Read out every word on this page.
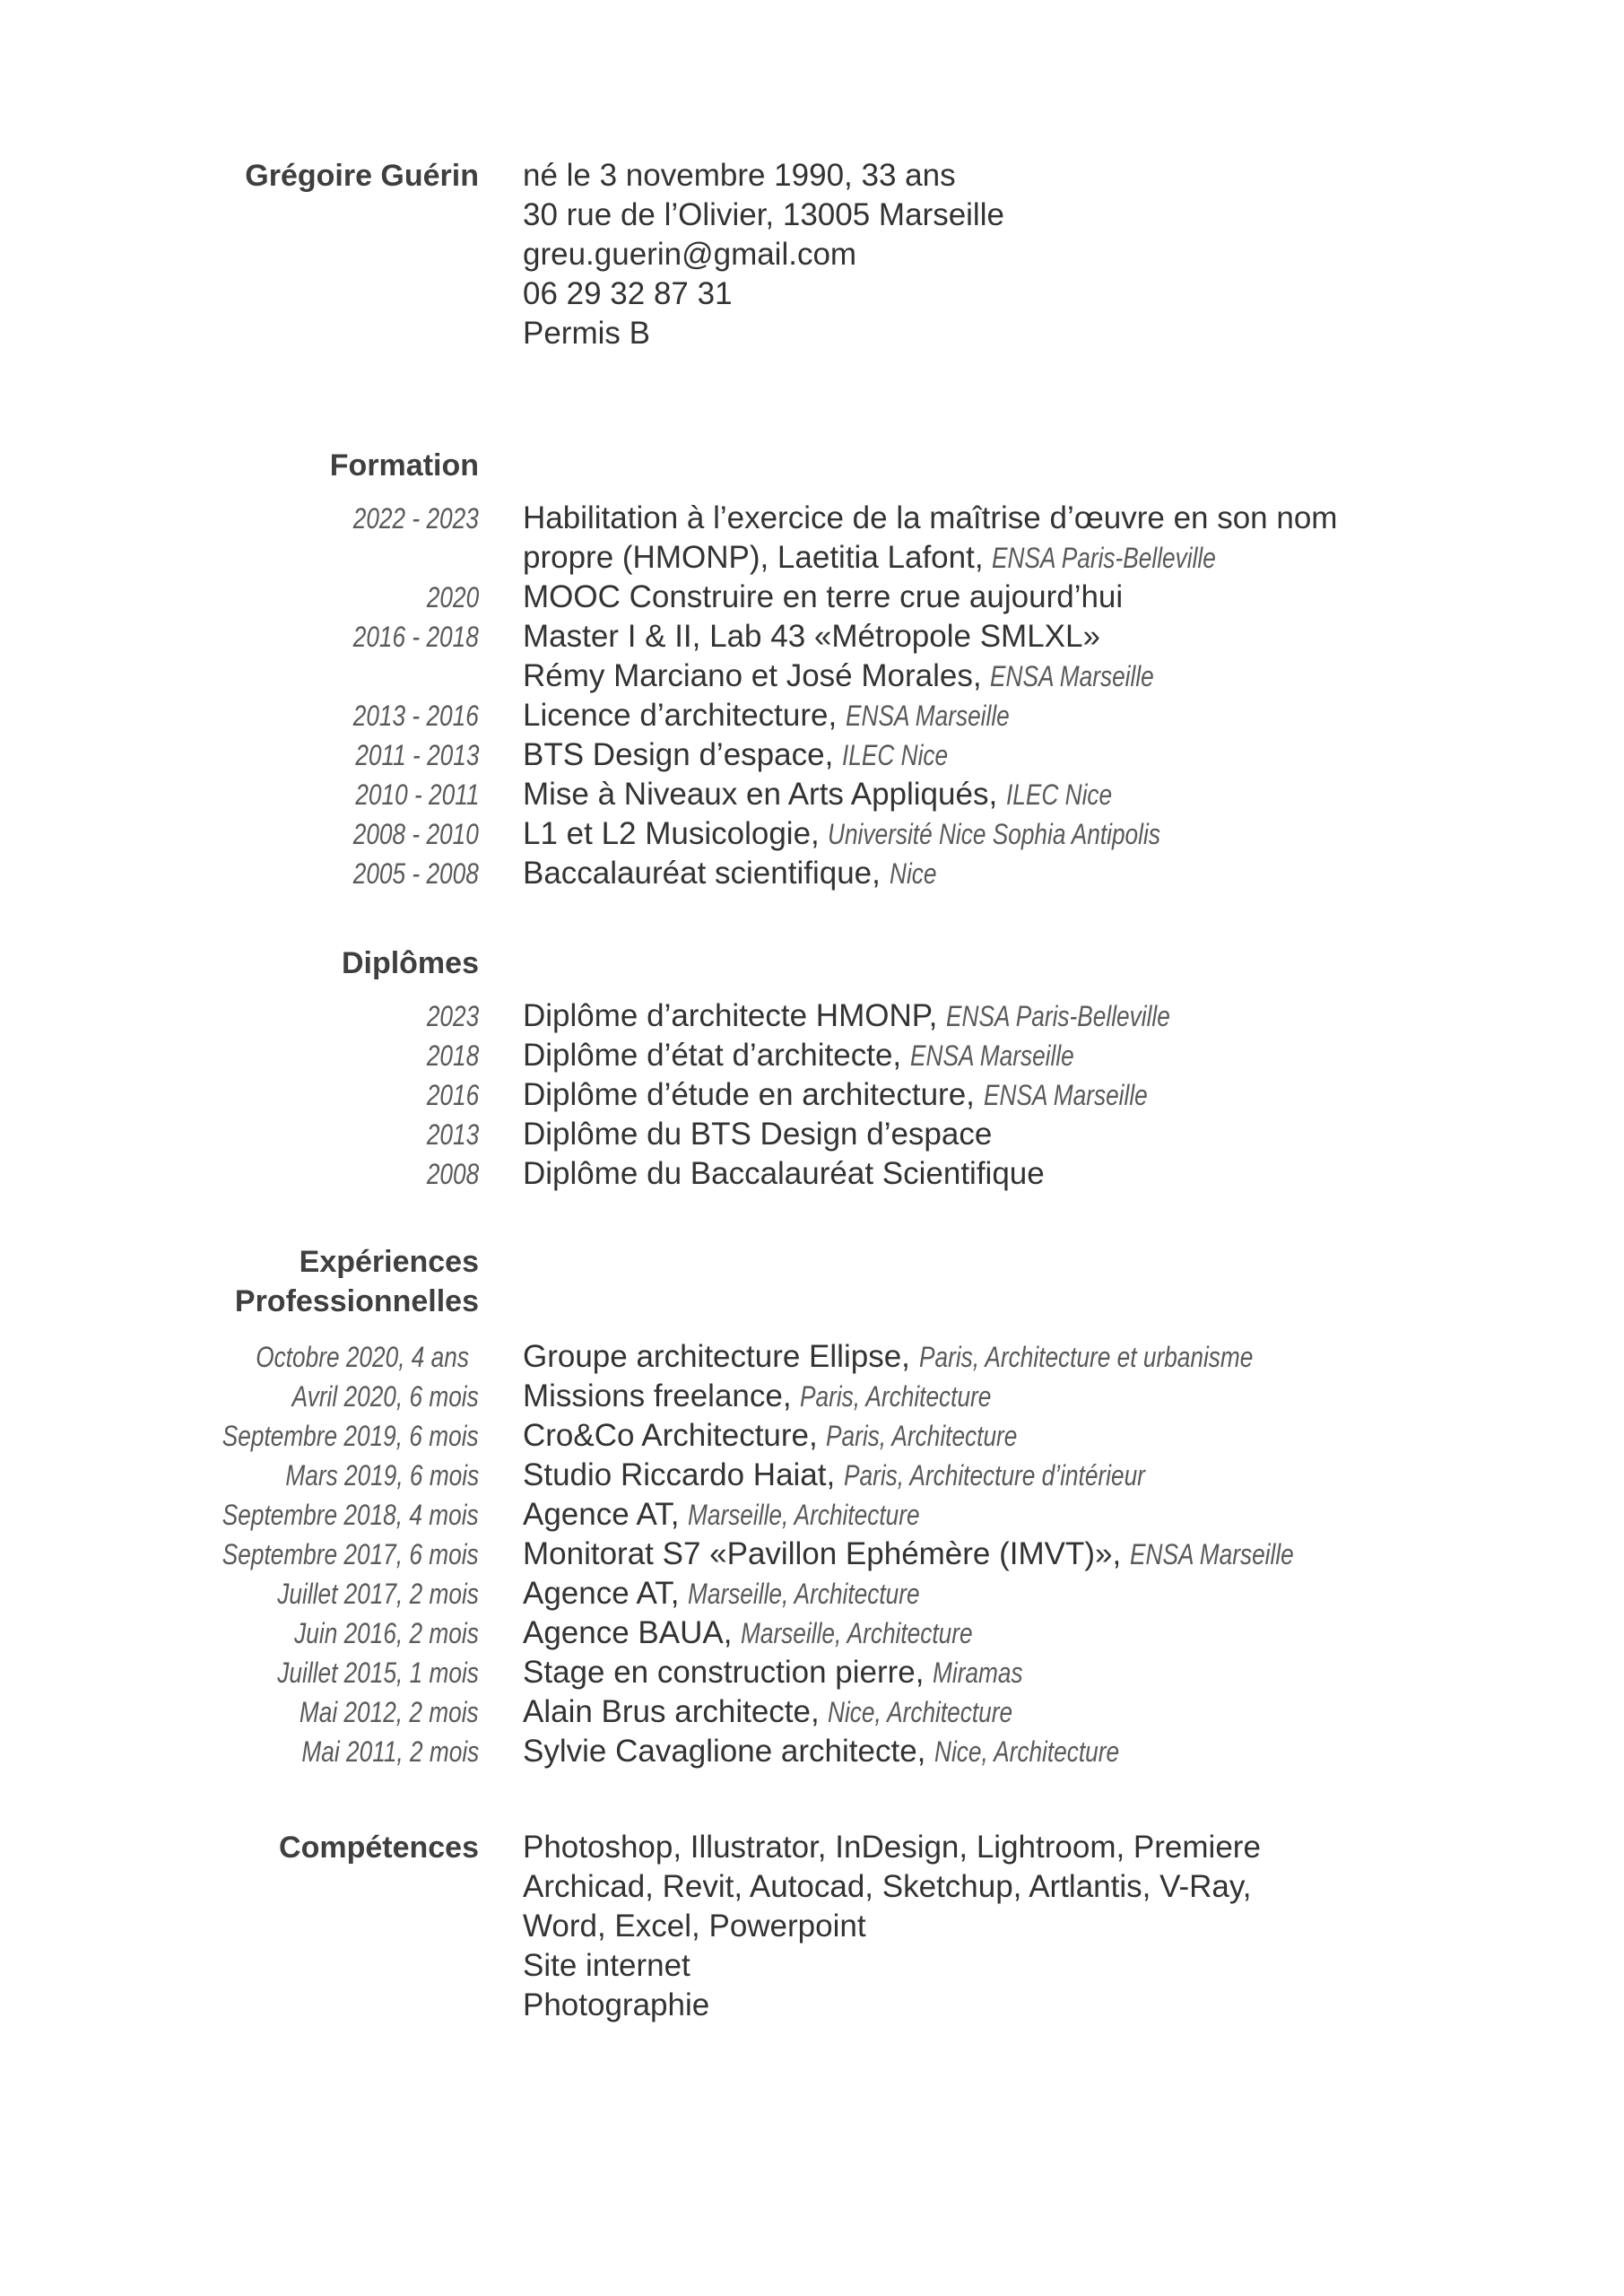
Grégoire Guérin né le 3 novembre 1990, 33 ans
30 rue de l’Olivier, 13005 Marseille
greu.guerin@gmail.com
06 29 32 87 31
Permis B
Formation
2022 - 2023 Habilitation à l’exercice de la maîtrise d’œuvre en son nom
propre (HMONP), Laetitia Lafont, ENSA Paris-Belleville
2020 MOOC Construire en terre crue aujourd’hui
2016 - 2018 Master I & II, Lab 43 «Métropole SMLXL»
Rémy Marciano et José Morales, ENSA Marseille
2013 - 2016 Licence d’architecture, ENSA Marseille
2011 - 2013 BTS Design d’espace, ILEC Nice
2010 - 2011 Mise à Niveaux en Arts Appliqués, ILEC Nice
2008 - 2010 L1 et L2 Musicologie, Université Nice Sophia Antipolis
2005 - 2008 Baccalauréat scientifique, Nice
Diplômes
2023 Diplôme d’architecte HMONP, ENSA Paris-Belleville
2018 Diplôme d’état d’architecte, ENSA Marseille
2016 Diplôme d’étude en architecture, ENSA Marseille
2013 Diplôme du BTS Design d’espace
2008 Diplôme du Baccalauréat Scientifique
Expériences
Professionnelles
Octobre 2020, 4 ans Groupe architecture Ellipse, Paris, Architecture et urbanisme
Avril 2020, 6 mois Missions freelance, Paris, Architecture
Septembre 2019, 6 mois Cro&Co Architecture, Paris, Architecture
Mars 2019, 6 mois Studio Riccardo Haiat, Paris, Architecture d’intérieur
Septembre 2018, 4 mois Agence AT, Marseille, Architecture
Septembre 2017, 6 mois Monitorat S7 «Pavillon Ephémère (IMVT)», ENSA Marseille
Juillet 2017, 2 mois Agence AT, Marseille, Architecture
Juin 2016, 2 mois Agence BAUA, Marseille, Architecture
Juillet 2015, 1 mois Stage en construction pierre, Miramas
Mai 2012, 2 mois Alain Brus architecte, Nice, Architecture
Mai 2011, 2 mois Sylvie Cavaglione architecte, Nice, Architecture
Compétences Photoshop, Illustrator, InDesign, Lightroom, Premiere
Archicad, Revit, Autocad, Sketchup, Artlantis, V-Ray,
Word, Excel, Powerpoint
Site internet
Photographie
